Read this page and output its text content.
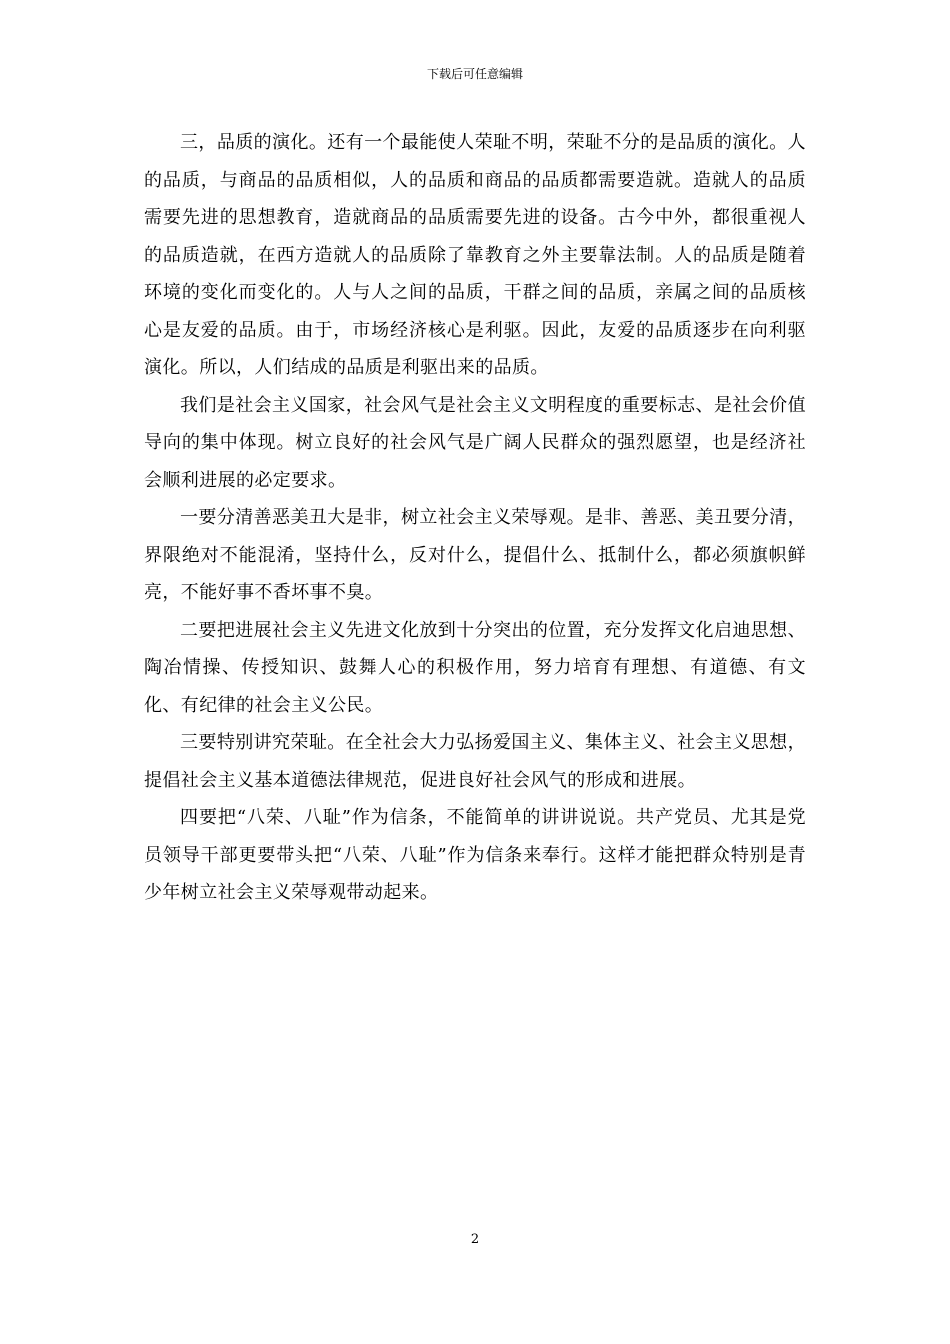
下载后可任意编辑

三，品质的演化。还有一个最能使人荣耻不明，荣耻不分的是品质的演化。人的品质，与商品的品质相似，人的品质和商品的品质都需要造就。造就人的品质需要先进的思想教育，造就商品的品质需要先进的设备。古今中外，都很重视人的品质造就，在西方造就人的品质除了靠教育之外主要靠法制。人的品质是随着环境的变化而变化的。人与人之间的品质，干群之间的品质，亲属之间的品质核心是友爱的品质。由于，市场经济核心是利驱。因此，友爱的品质逐步在向利驱演化。所以，人们结成的品质是利驱出来的品质。

我们是社会主义国家，社会风气是社会主义文明程度的重要标志、是社会价值导向的集中体现。树立良好的社会风气是广阔人民群众的强烈愿望，也是经济社会顺利进展的必定要求。

一要分清善恶美丑大是非，树立社会主义荣辱观。是非、善恶、美丑要分清，界限绝对不能混淆，坚持什么，反对什么，提倡什么、抵制什么，都必须旗帜鲜亮，不能好事不香坏事不臭。

二要把进展社会主义先进文化放到十分突出的位置，充分发挥文化启迪思想、陶冶情操、传授知识、鼓舞人心的积极作用，努力培育有理想、有道德、有文化、有纪律的社会主义公民。

三要特别讲究荣耻。在全社会大力弘扬爱国主义、集体主义、社会主义思想，提倡社会主义基本道德法律规范，促进良好社会风气的形成和进展。

四要把“八荣、八耻”作为信条，不能简单的讲讲说说。共产党员、尤其是党员领导干部更要带头把“八荣、八耻”作为信条来奉行。这样才能把群众特别是青少年树立社会主义荣辱观带动起来。

2
